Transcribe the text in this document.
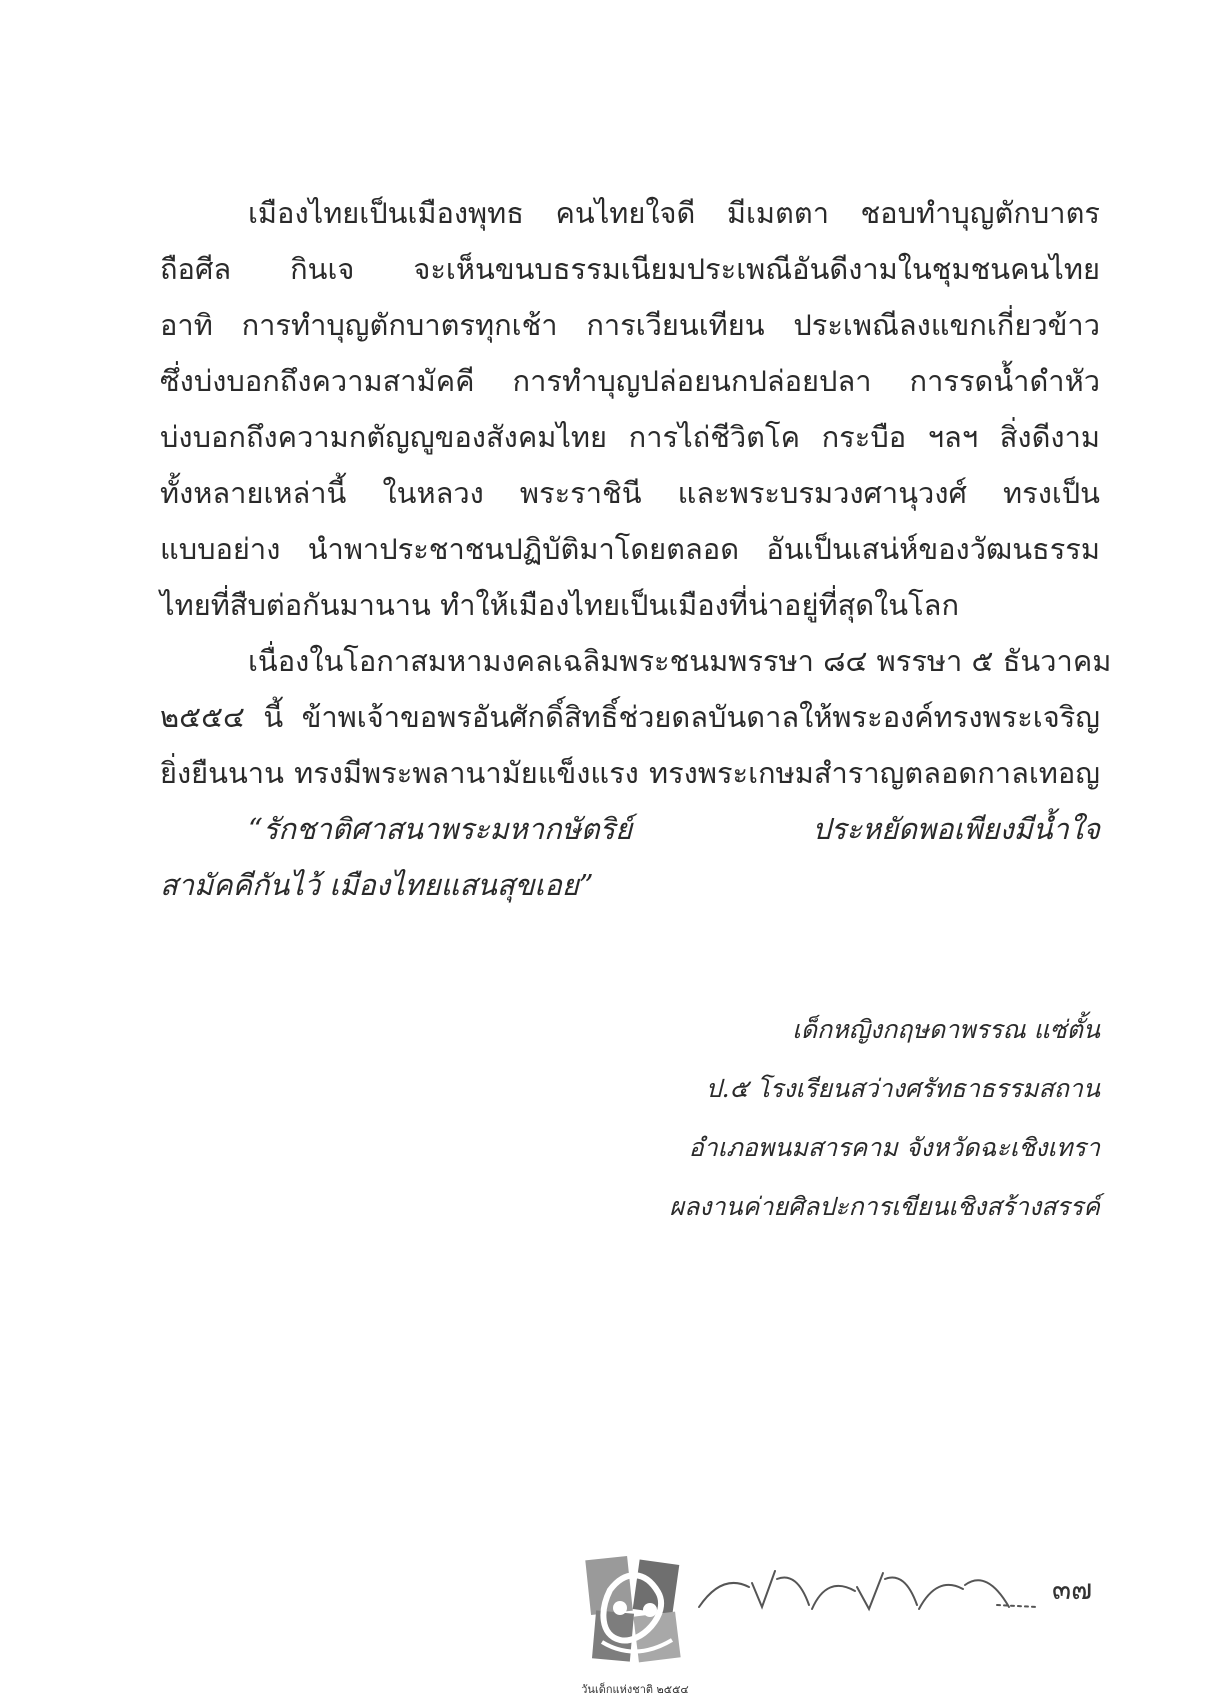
เมืองไทยเป็นเมืองพุทธ คนไทยใจดี มีเมตตา ชอบทำบุญตักบาตร
ถือศีล กินเจ จะเห็นขนบธรรมเนียมประเพณีอันดีงามในชุมชนคนไทย
อาทิ การทำบุญตักบาตรทุกเช้า การเวียนเทียน ประเพณีลงแขกเกี่ยวข้าว
ซึ่งบ่งบอกถึงความสามัคคี การทำบุญปล่อยนกปล่อยปลา การรดน้ำดำหัว
บ่งบอกถึงความกตัญญูของสังคมไทย การไถ่ชีวิตโค กระบือ ฯลฯ สิ่งดีงาม
ทั้งหลายเหล่านี้ ในหลวง พระราชินี และพระบรมวงศานุวงศ์ ทรงเป็น
แบบอย่าง นำพาประชาชนปฏิบัติมาโดยตลอด อันเป็นเสน่ห์ของวัฒนธรรม
ไทยที่สืบต่อกันมานาน ทำให้เมืองไทยเป็นเมืองที่น่าอยู่ที่สุดในโลก
เนื่องในโอกาสมหามงคลเฉลิมพระชนมพรรษา ๘๔ พรรษา ๕ ธันวาคม
๒๕๕๔ นี้ ข้าพเจ้าขอพรอันศักดิ์สิทธิ์ช่วยดลบันดาลให้พระองค์ทรงพระเจริญ
ยิ่งยืนนาน ทรงมีพระพลานามัยแข็งแรง ทรงพระเกษมสำราญตลอดกาลเทอญ
“รักชาติศาสนาพระมหากษัตริย์ ประหยัดพอเพียงมีน้ำใจ
สามัคคีกันไว้ เมืองไทยแสนสุขเอย”
เด็กหญิงกฤษดาพรรณ แซ่ตั้น
ป.๕ โรงเรียนสว่างศรัทธาธรรมสถาน
อำเภอพนมสารคาม จังหวัดฉะเชิงเทรา
ผลงานค่ายศิลปะการเขียนเชิงสร้างสรรค์
วันเด็กแห่งชาติ ๒๕๕๔
๓๗
